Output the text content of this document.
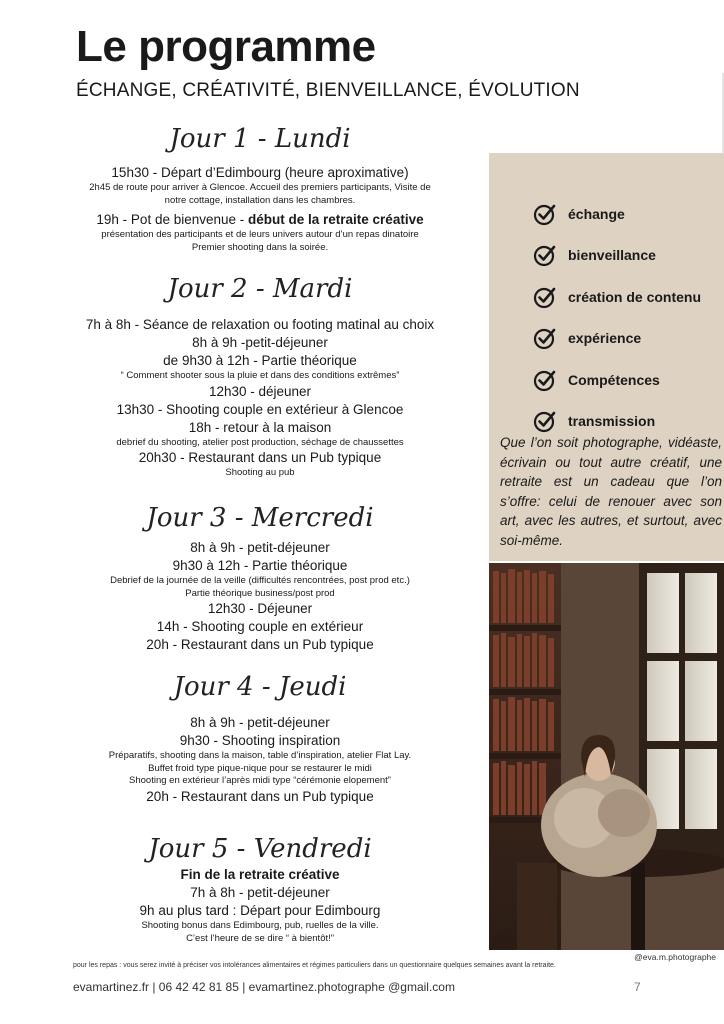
Le programme
ÉCHANGE, CRÉATIVITÉ, BIENVEILLANCE, ÉVOLUTION
Jour 1 - Lundi
15h30 - Départ d’Edimbourg (heure aproximative)
2h45 de route pour arriver à Glencoe. Accueil des premiers participants, Visite de
notre cottage, installation dans les chambres.
19h - Pot de bienvenue - début de la retraite créative
présentation des participants et de leurs univers autour d’un repas dinatoire
Premier shooting dans la soirée.
Jour 2 - Mardi
7h à 8h - Séance de relaxation ou footing matinal au choix
8h à 9h -petit-déjeuner
de 9h30 à 12h - Partie théorique
“ Comment shooter sous la pluie et dans des conditions extrêmes”
12h30 - déjeuner
13h30 - Shooting couple en extérieur à Glencoe
18h - retour à la maison
debrief du shooting, atelier post production, séchage de chaussettes
20h30 - Restaurant dans un Pub typique
Shooting au pub
Jour 3 - Mercredi
8h à 9h - petit-déjeuner
9h30 à 12h - Partie théorique
Debrief de la journée de la veille (difficultés rencontrées, post prod etc.)
Partie théorique business/post prod
12h30 - Déjeuner
14h - Shooting couple en extérieur
20h - Restaurant dans un Pub typique
Jour 4 - Jeudi
8h à 9h - petit-déjeuner
9h30 - Shooting inspiration
Préparatifs, shooting dans la maison, table d’inspiration, atelier Flat Lay.
Buffet froid type pique-nique pour se restaurer le midi
Shooting en extérieur l’après midi type “cérémonie elopement”
20h - Restaurant dans un Pub typique
Jour 5 - Vendredi
Fin de la retraite créative
7h à 8h - petit-déjeuner
9h au plus tard : Départ pour Edimbourg
Shooting bonus dans Edimbourg, pub, ruelles de la ville.
C’est l’heure de se dire “ à bientôt!”
échange
bienveillance
création de contenu
expérience
Compétences
transmission

Que l’on soit photographe, vidéaste, écrivain ou tout autre créatif, une retraite est un cadeau que l’on s’offre: celui de renouer avec son art, avec les autres, et surtout, avec soi-même.

@eva.m.photographe
pour les repas : vous serez invité à préciser vos intolérances alimentaires et régimes particuliers dans un questionnaire quelques semaines avant la retraite.
evamartinez.fr | 06 42 42 81 85 | evamartinez.photographe @gmail.com	7
